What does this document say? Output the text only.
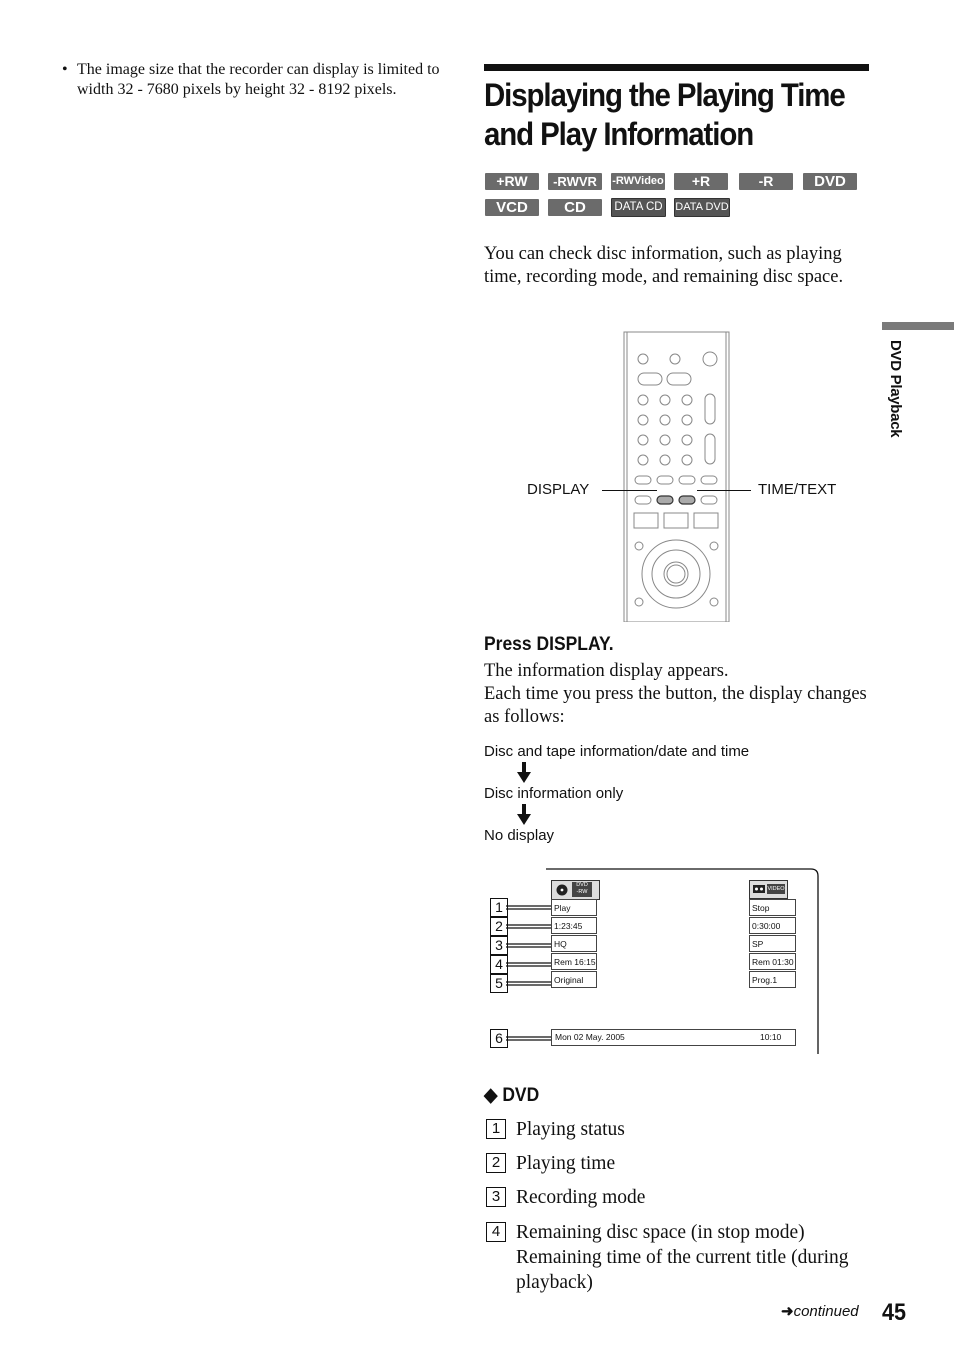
• The image size that the recorder can display is limited to width 32 - 7680 pixels by height 32 - 8192 pixels.	Displaying the Playing Time
and Play Information
+RW	-RWVR	-RWVideo	+R	-R	DVD
VCD	CD	DATA CD	DATA DVD
You can check disc information, such as playing time, recording mode, and remaining disc space.
DVD Playback
DISPLAY	TIME/TEXT
Press DISPLAY.
The information display appears.
Each time you press the button, the display changes as follows:
Disc and tape information/date and time
Disc information only
No display
1
2
3
4
5
6
DVD
-RW
Play
1:23:45
HQ
Rem 16:15
Original
VIDEO
Stop
0:30:00
SP
Rem 01:30
Prog.1
Mon 02 May. 2005	10:10
◆ DVD
1 Playing status
2 Playing time
3 Recording mode
4 Remaining disc space (in stop mode) Remaining time of the current title (during playback)
➜continued 45
